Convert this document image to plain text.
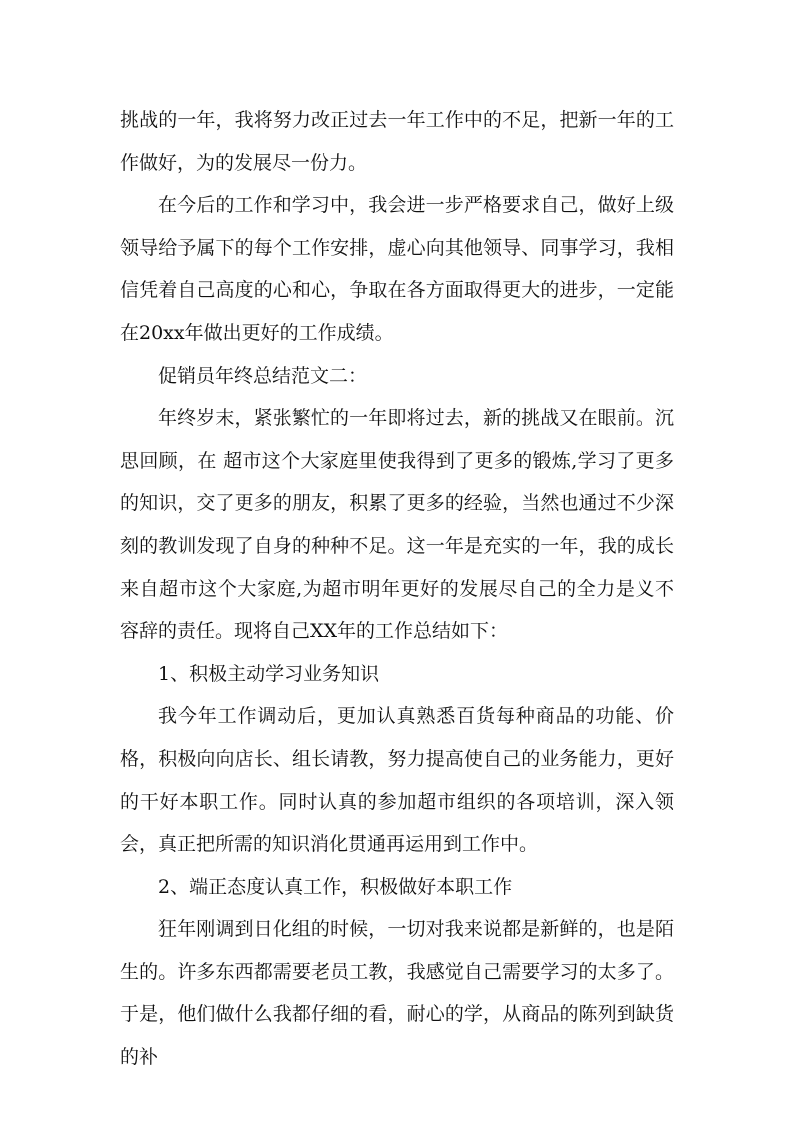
挑战的一年，我将努力改正过去一年工作中的不足，把新一年的工作做好，为的发展尽一份力。

在今后的工作和学习中，我会进一步严格要求自己，做好上级领导给予属下的每个工作安排，虚心向其他领导、同事学习，我相信凭着自己高度的心和心，争取在各方面取得更大的进步，一定能在20xx年做出更好的工作成绩。

促销员年终总结范文二：

年终岁末，紧张繁忙的一年即将过去，新的挑战又在眼前。沉思回顾，在 超市这个大家庭里使我得到了更多的锻炼,学习了更多的知识，交了更多的朋友，积累了更多的经验，当然也通过不少深刻的教训发现了自身的种种不足。这一年是充实的一年，我的成长来自超市这个大家庭,为超市明年更好的发展尽自己的全力是义不容辞的责任。现将自己XX年的工作总结如下：

1、积极主动学习业务知识

我今年工作调动后，更加认真熟悉百货每种商品的功能、价格，积极向向店长、组长请教，努力提高使自己的业务能力，更好的干好本职工作。同时认真的参加超市组织的各项培训，深入领会，真正把所需的知识消化贯通再运用到工作中。

2、端正态度认真工作，积极做好本职工作

狂年刚调到日化组的时候，一切对我来说都是新鲜的，也是陌生的。许多东西都需要老员工教，我感觉自己需要学习的太多了。于是，他们做什么我都仔细的看，耐心的学，从商品的陈列到缺货的补
